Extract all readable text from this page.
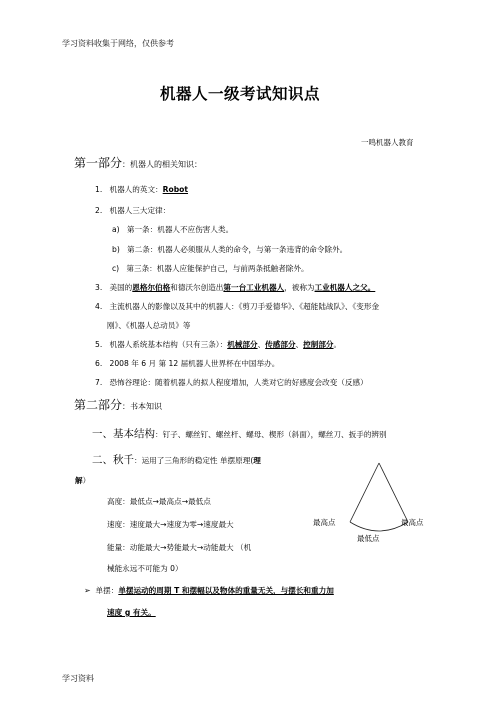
学习资料收集于网络，仅供参考
机器人一级考试知识点
一鸣机器人教育
第一部分：机器人的相关知识：
1. 机器人的英文：Robot
2. 机器人三大定律：
a) 第一条：机器人不应伤害人类。
b) 第二条：机器人必须服从人类的命令，与第一条违背的命令除外。
c) 第三条：机器人应能保护自己，与前两条抵触者除外。
3. 美国的恩格尔伯格和德沃尔创造出第一台工业机器人，被称为工业机器人之父。
4. 主流机器人的影像以及其中的机器人：《剪刀手爱德华》、《超能陆战队》、《变形金
刚》、《机器人总动员》等
5. 机器人系统基本结构（只有三条）：机械部分、传感部分、控制部分。
6. 2008 年 6 月 第 12 届机器人世界杯在中国举办。
7. 恐怖谷理论：随着机器人的拟人程度增加，人类对它的好感度会改变（反感）
第二部分：书本知识
一、基本结构：钉子、螺丝钉、螺丝杆、螺母、楔形（斜面），螺丝刀、扳手的辨别
二、秋千：运用了三角形的稳定性 单摆原理(理
解）
高度：最低点→最高点→最低点
速度：速度最大→速度为零→速度最大
能量：动能最大→势能最大→动能最大 （机
械能永远不可能为 0）
最高点	最高点
最低点
➢ 单摆：单摆运动的周期 T 和摆幅以及物体的重量无关，与摆长和重力加
速度 g 有关。
学习资料
